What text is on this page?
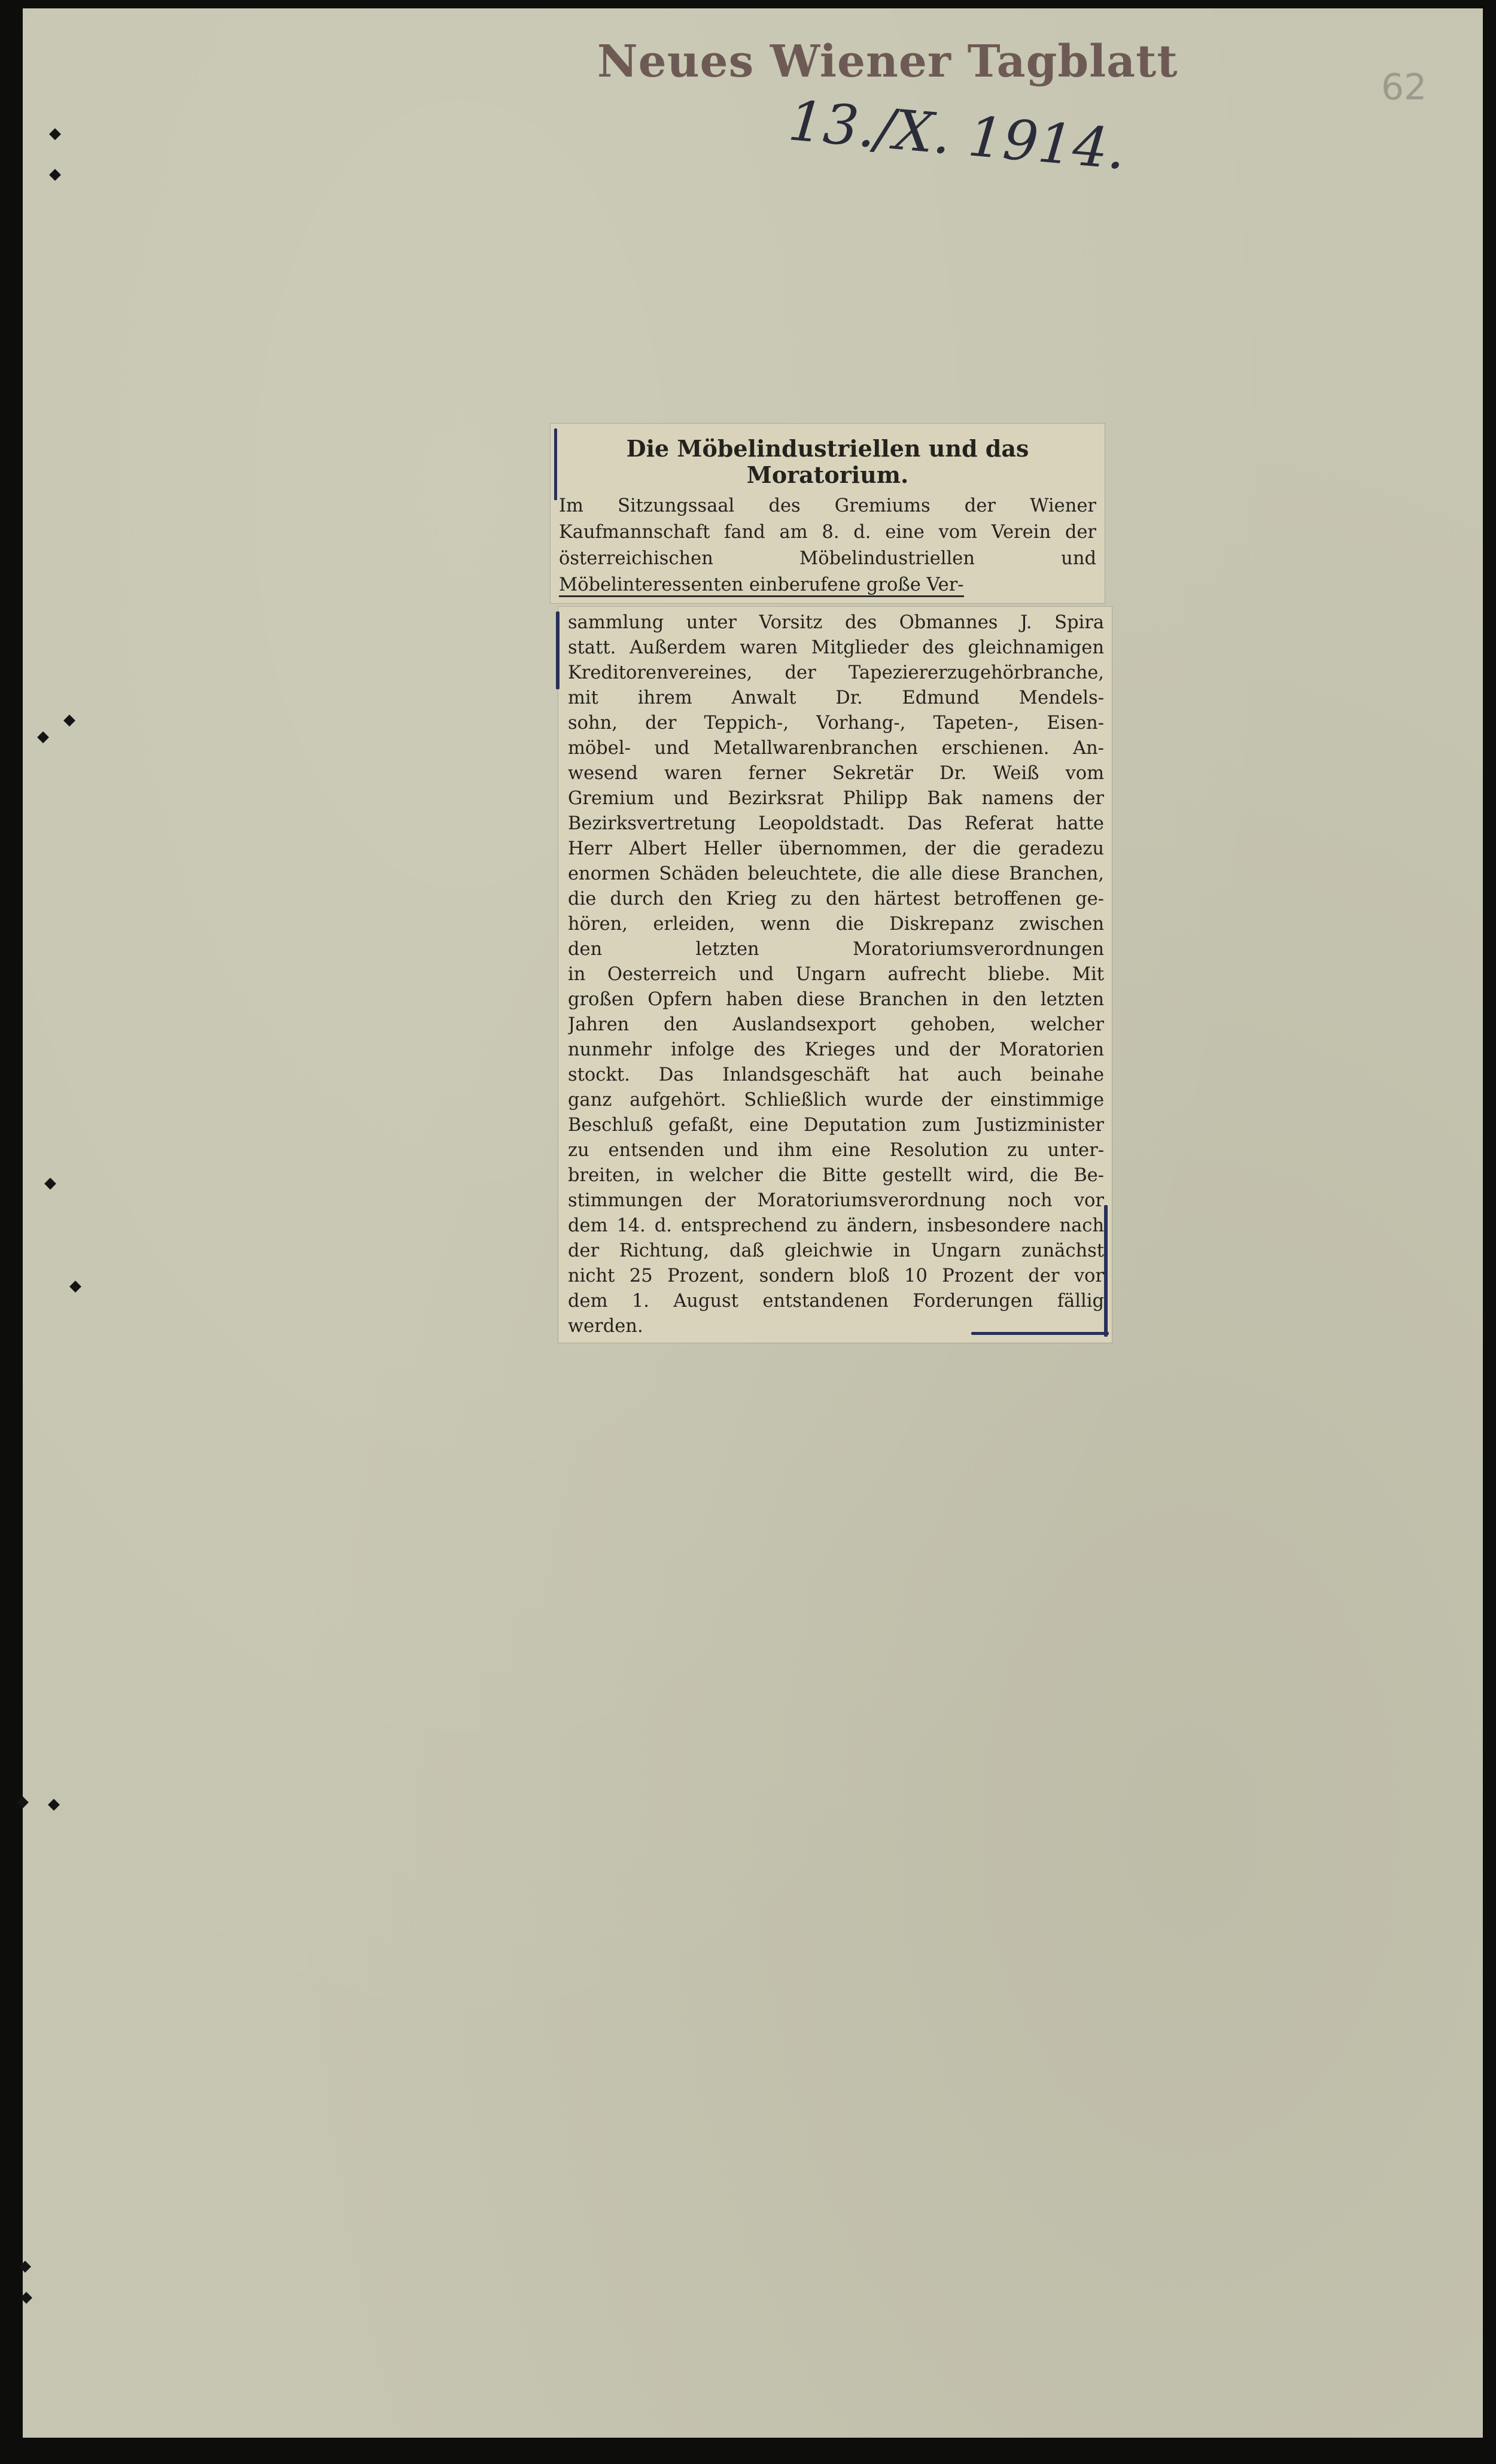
Neues Wiener Tagblatt
13./X. 1914.
62
◆
◆
◆
◆
◆
◆
◆ ◆
◆
◆
Die Möbelindustriellen und das
Moratorium.
Im Sitzungssaal des Gremiums der Wiener
Kaufmannschaft fand am 8. d. eine vom Verein der
österreichischen Möbelindustriellen und
Möbelinteressenten einberufene große Ver-
sammlung unter Vorsitz des Obmannes J. Spira
statt. Außerdem waren Mitglieder des gleichnamigen
Kreditorenvereines, der Tapeziererzugehörbranche,
mit ihrem Anwalt Dr. Edmund Mendels-
sohn, der Teppich-, Vorhang-, Tapeten-, Eisen-
möbel- und Metallwarenbranchen erschienen. An-
wesend waren ferner Sekretär Dr. Weiß vom
Gremium und Bezirksrat Philipp Bak namens der
Bezirksvertretung Leopoldstadt. Das Referat hatte
Herr Albert Heller übernommen, der die geradezu
enormen Schäden beleuchtete, die alle diese Branchen,
die durch den Krieg zu den härtest betroffenen ge-
hören, erleiden, wenn die Diskrepanz zwischen
den letzten Moratoriumsverordnungen
in Oesterreich und Ungarn aufrecht bliebe. Mit
großen Opfern haben diese Branchen in den letzten
Jahren den Auslandsexport gehoben, welcher
nunmehr infolge des Krieges und der Moratorien
stockt. Das Inlandsgeschäft hat auch beinahe
ganz aufgehört. Schließlich wurde der einstimmige
Beschluß gefaßt, eine Deputation zum Justizminister
zu entsenden und ihm eine Resolution zu unter-
breiten, in welcher die Bitte gestellt wird, die Be-
stimmungen der Moratoriumsverordnung noch vor
dem 14. d. entsprechend zu ändern, insbesondere nach
der Richtung, daß gleichwie in Ungarn zunächst
nicht 25 Prozent, sondern bloß 10 Prozent der vor
dem 1. August entstandenen Forderungen fällig
werden.
